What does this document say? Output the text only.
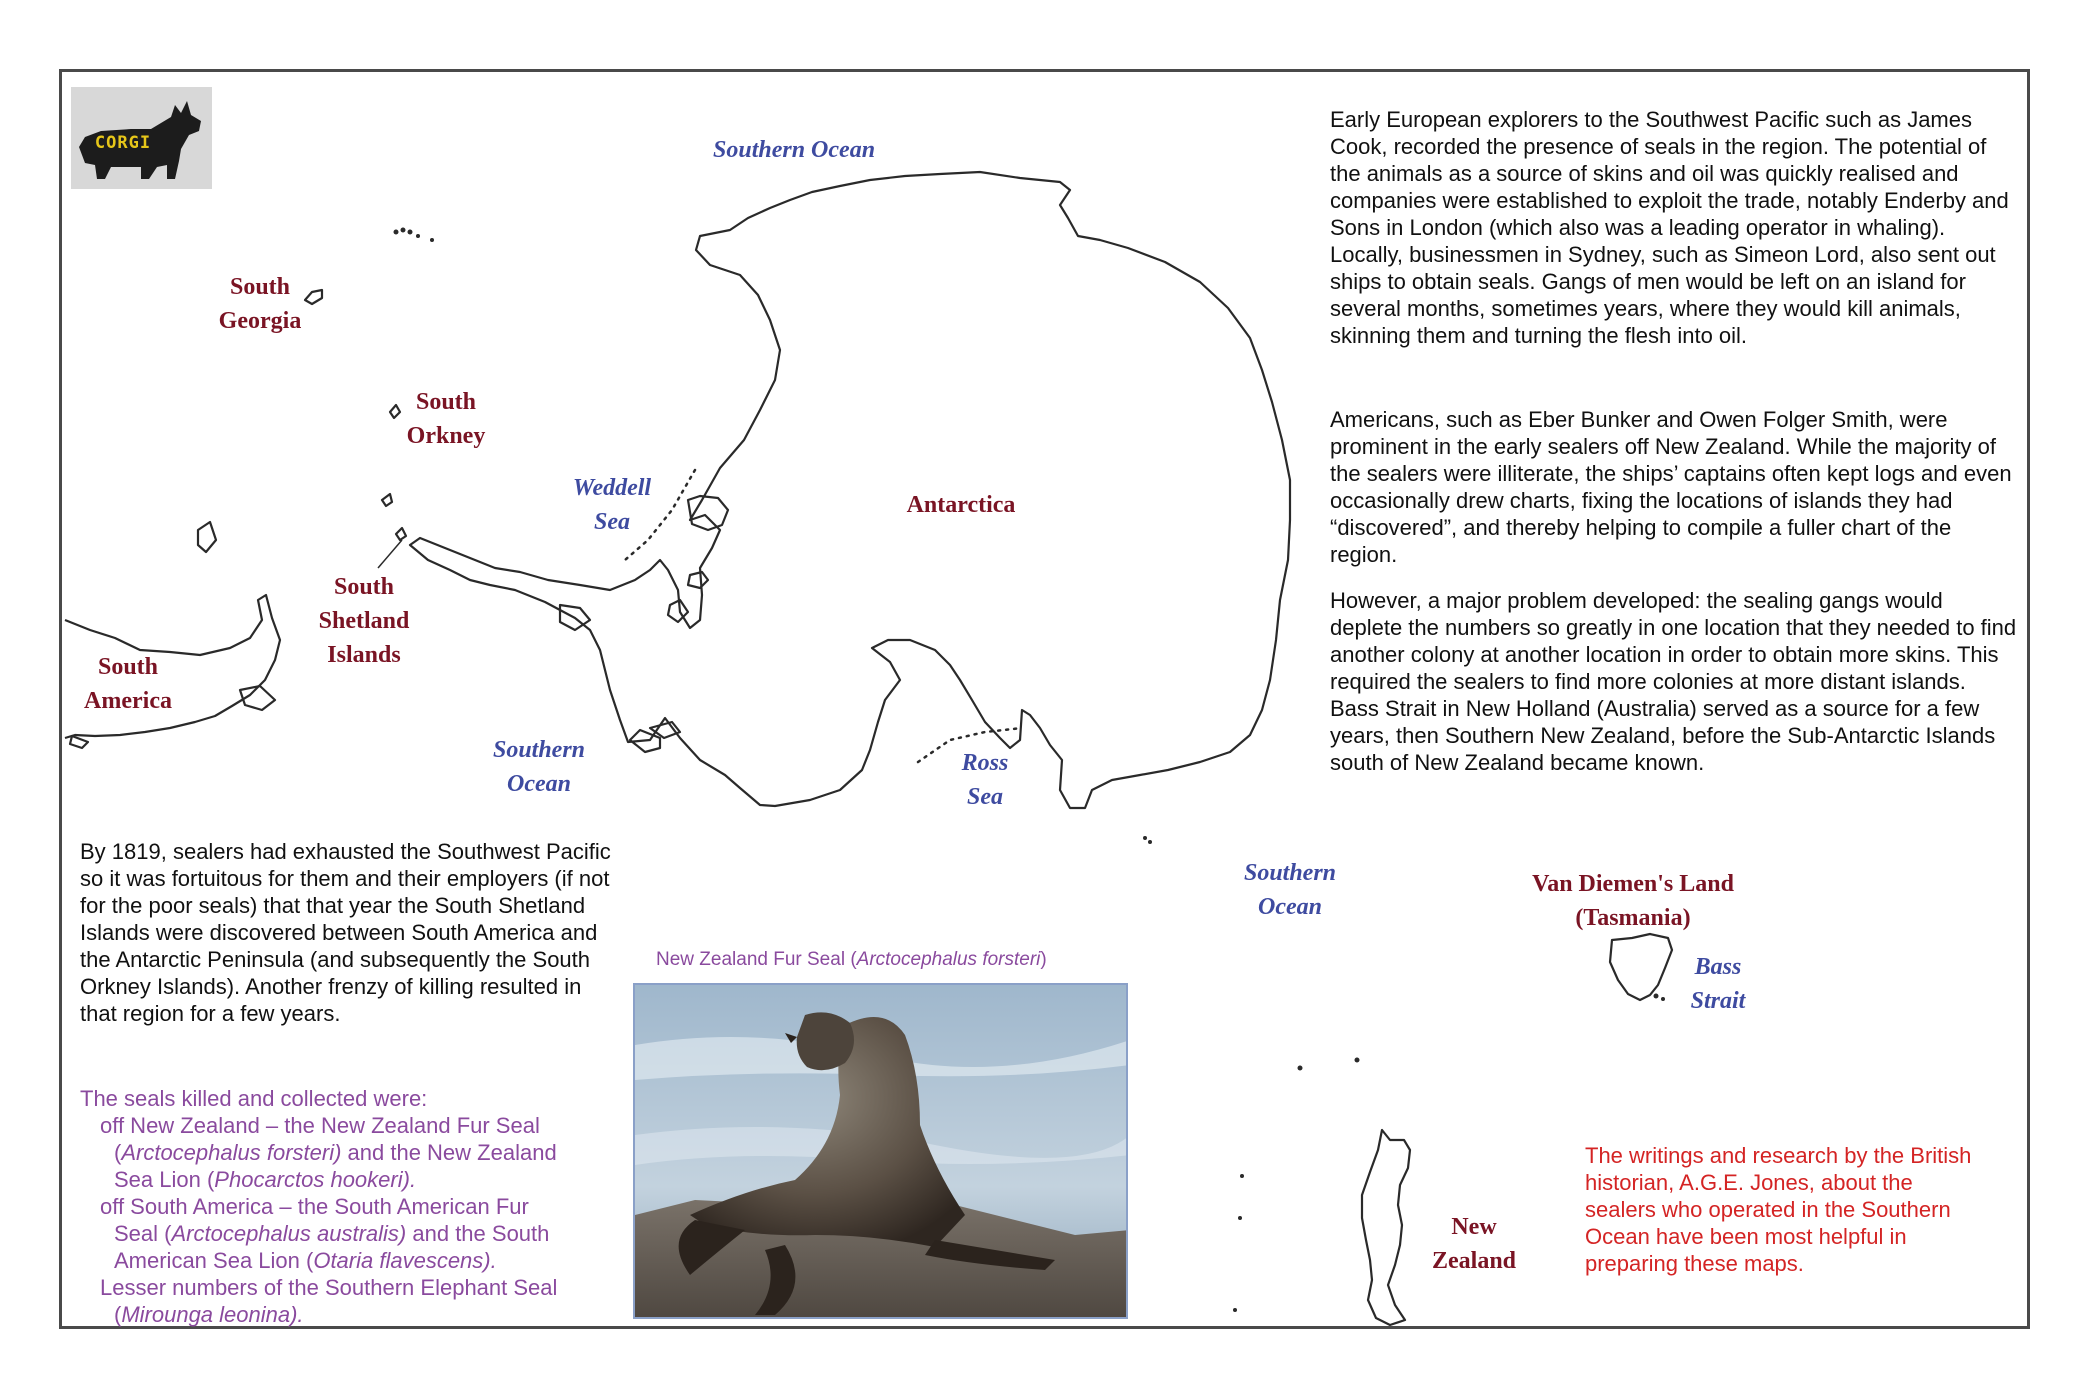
CORGI	Southern Ocean
South
Georgia
South
Orkney
Weddell
Sea
Antarctica
South
Shetland
Islands
South
America
Southern
Ocean
Ross
Sea
Southern
Ocean
Van Diemen's Land
(Tasmania)
Bass
Strait
New
Zealand
Early European explorers to the Southwest Pacific such as James Cook, recorded the presence of seals in the region. The potential of the animals as a source of skins and oil was quickly realised and companies were established to exploit the trade, notably Enderby and Sons in London (which also was a leading operator in whaling). Locally, businessmen in Sydney, such as Simeon Lord, also sent out ships to obtain seals. Gangs of men would be left on an island for several months, sometimes years, where they would kill animals, skinning them and turning the flesh into oil.
Americans, such as Eber Bunker and Owen Folger Smith, were prominent in the early sealers off New Zealand. While the majority of the sealers were illiterate, the ships’ captains often kept logs and even occasionally drew charts, fixing the locations of islands they had “discovered”, and thereby helping to compile a fuller chart of the region.
However, a major problem developed: the sealing gangs would deplete the numbers so greatly in one location that they needed to find another colony at another location in order to obtain more skins. This required the sealers to find more colonies at more distant islands. Bass Strait in New Holland (Australia) served as a source for a few years, then Southern New Zealand, before the Sub-Antarctic Islands south of New Zealand became known.
By 1819, sealers had exhausted the Southwest Pacific so it was fortuitous for them and their employers (if not for the poor seals) that that year the South Shetland Islands were discovered between South America and the Antarctic Peninsula (and subsequently the South Orkney Islands). Another frenzy of killing resulted in that region for a few years.
The seals killed and collected were:
off New Zealand – the New Zealand Fur Seal
(Arctocephalus forsteri) and the New Zealand
Sea Lion (Phocarctos hookeri).
off South America – the South American Fur
Seal (Arctocephalus australis) and the South
American Sea Lion (Otaria flavescens).
Lesser numbers of the Southern Elephant Seal
(Mirounga leonina).
New Zealand Fur Seal (Arctocephalus forsteri)
The writings and research by the British historian, A.G.E. Jones, about the sealers who operated in the Southern Ocean have been most helpful in preparing these maps.
